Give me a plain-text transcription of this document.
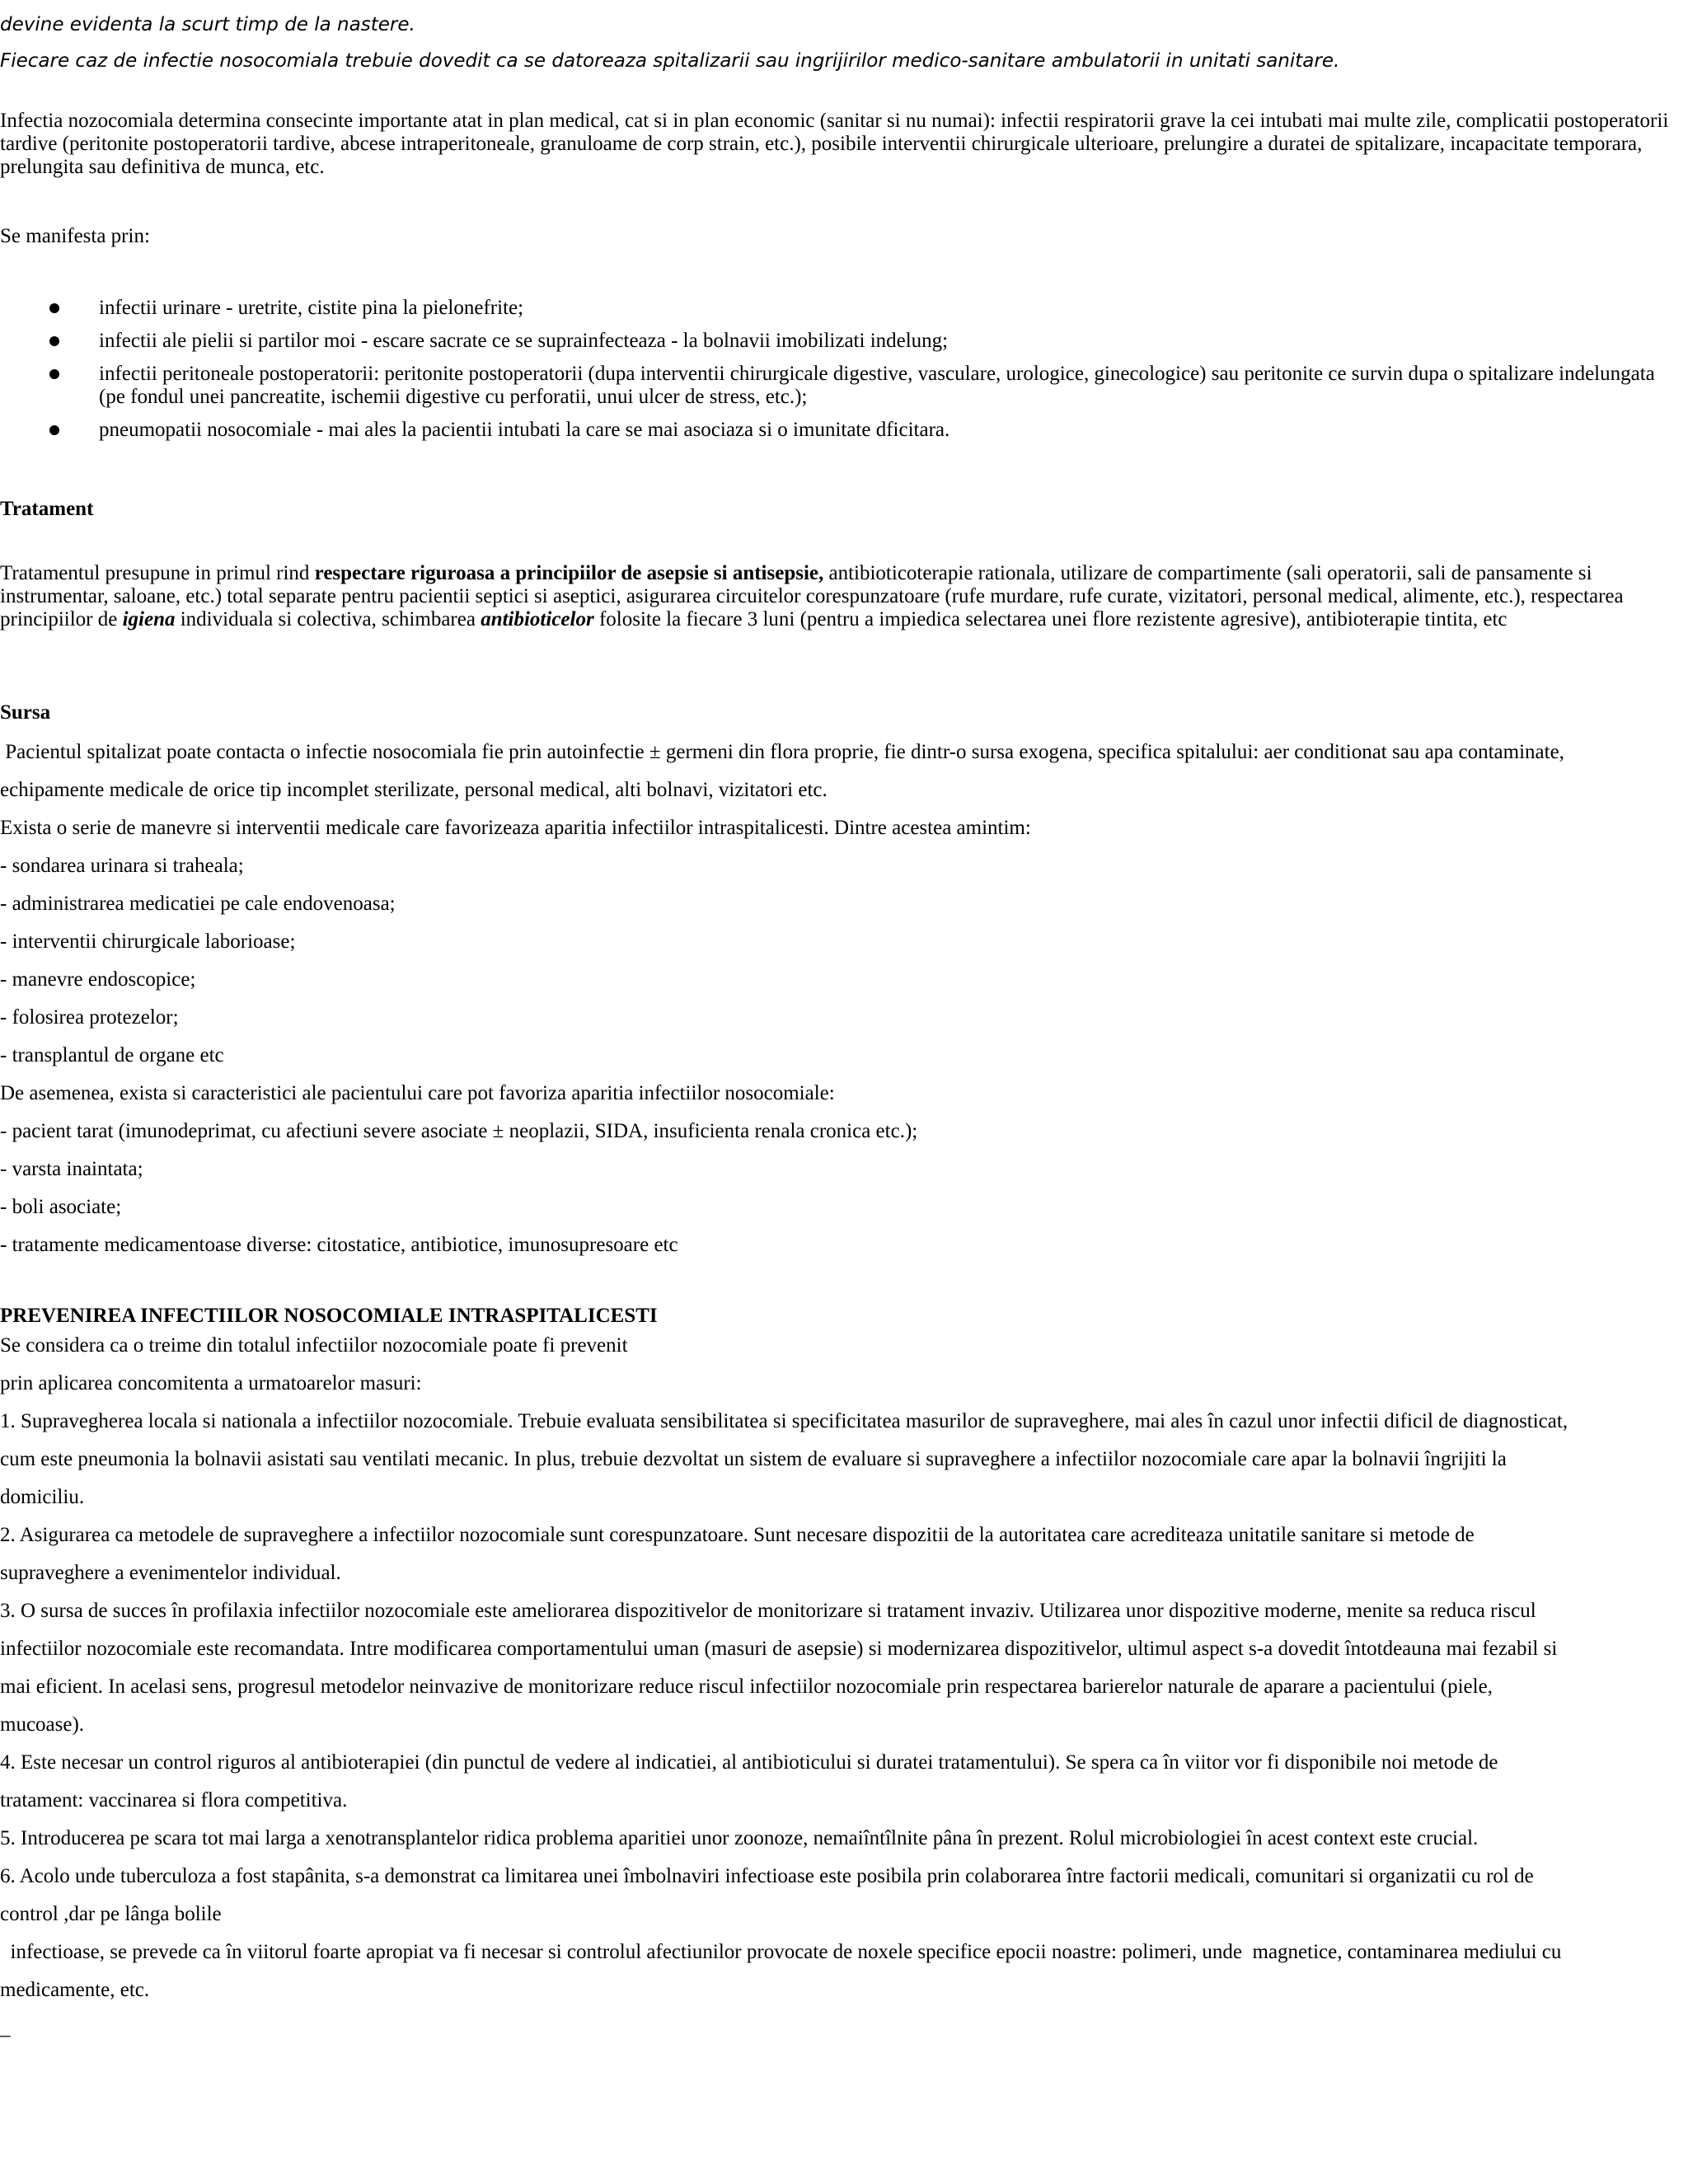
devine evidenta la scurt timp de la nastere.

Fiecare caz de infectie nosocomiala trebuie dovedit ca se datoreaza spitalizarii sau ingrijirilor medico-sanitare ambulatorii in unitati sanitare.

Infectia nozocomiala determina consecinte importante atat in plan medical, cat si in plan economic (sanitar si nu numai): infectii respiratorii grave la cei intubati mai multe zile, complicatii postoperatorii tardive (peritonite postoperatorii tardive, abcese intraperitoneale, granuloame de corp strain, etc.), posibile interventii chirurgicale ulterioare, prelungire a duratei de spitalizare, incapacitate temporara, prelungita sau definitiva de munca, etc.

Se manifesta prin:

infectii urinare - uretrite, cistite pina la pielonefrite;
infectii ale pielii si partilor moi - escare sacrate ce se suprainfecteaza - la bolnavii imobilizati indelung;
infectii peritoneale postoperatorii: peritonite postoperatorii (dupa interventii chirurgicale digestive, vasculare, urologice, ginecologice) sau peritonite ce survin dupa o spitalizare indelungata (pe fondul unei pancreatite, ischemii digestive cu perforatii, unui ulcer de stress, etc.);
pneumopatii nosocomiale - mai ales la pacientii intubati la care se mai asociaza si o imunitate dficitara.

Tratament

Tratamentul presupune in primul rind respectare riguroasa a principiilor de asepsie si antisepsie, antibioticoterapie rationala, utilizare de compartimente (sali operatorii, sali de pansamente si instrumentar, saloane, etc.) total separate pentru pacientii septici si aseptici, asigurarea circuitelor corespunzatoare (rufe murdare, rufe curate, vizitatori, personal medical, alimente, etc.), respectarea principiilor de igiena individuala si colectiva, schimbarea antibioticelor folosite la fiecare 3 luni (pentru a impiedica selectarea unei flore rezistente agresive), antibioterapie tintita, etc

Sursa

Pacientul spitalizat poate contacta o infectie nosocomiala fie prin autoinfectie ± germeni din flora proprie, fie dintr-o sursa exogena, specifica spitalului: aer conditionat sau apa contaminate,

echipamente medicale de orice tip incomplet sterilizate, personal medical, alti bolnavi, vizitatori etc.

Exista o serie de manevre si interventii medicale care favorizeaza aparitia infectiilor intraspitalicesti. Dintre acestea amintim:

- sondarea urinara si traheala;

- administrarea medicatiei pe cale endovenoasa;

- interventii chirurgicale laborioase;

- manevre endoscopice;

- folosirea protezelor;

- transplantul de organe etc

De asemenea, exista si caracteristici ale pacientului care pot favoriza aparitia infectiilor nosocomiale:

- pacient tarat (imunodeprimat, cu afectiuni severe asociate ± neoplazii, SIDA, insuficienta renala cronica etc.);

- varsta inaintata;

- boli asociate;

- tratamente medicamentoase diverse: citostatice, antibiotice, imunosupresoare etc

PREVENIREA INFECTIILOR NOSOCOMIALE INTRASPITALICESTI

Se considera ca o treime din totalul infectiilor nozocomiale poate fi prevenit

prin aplicarea concomitenta a urmatoarelor masuri:

1. Supravegherea locala si nationala a infectiilor nozocomiale. Trebuie evaluata sensibilitatea si specificitatea masurilor de supraveghere, mai ales în cazul unor infectii dificil de diagnosticat,

cum este pneumonia la bolnavii asistati sau ventilati mecanic. In plus, trebuie dezvoltat un sistem de evaluare si supraveghere a infectiilor nozocomiale care apar la bolnavii îngrijiti la

domiciliu.

2. Asigurarea ca metodele de supraveghere a infectiilor nozocomiale sunt corespunzatoare. Sunt necesare dispozitii de la autoritatea care acrediteaza unitatile sanitare si metode de

supraveghere a evenimentelor individual.

3. O sursa de succes în profilaxia infectiilor nozocomiale este ameliorarea dispozitivelor de monitorizare si tratament invaziv. Utilizarea unor dispozitive moderne, menite sa reduca riscul

infectiilor nozocomiale este recomandata. Intre modificarea comportamentului uman (masuri de asepsie) si modernizarea dispozitivelor, ultimul aspect s-a dovedit întotdeauna mai fezabil si

mai eficient. In acelasi sens, progresul metodelor neinvazive de monitorizare reduce riscul infectiilor nozocomiale prin respectarea barierelor naturale de aparare a pacientului (piele,

mucoase).

4. Este necesar un control riguros al antibioterapiei (din punctul de vedere al indicatiei, al antibioticului si duratei tratamentului). Se spera ca în viitor vor fi disponibile noi metode de

tratament: vaccinarea si flora competitiva.

5. Introducerea pe scara tot mai larga a xenotransplantelor ridica problema aparitiei unor zoonoze, nemaiîntîlnite pâna în prezent. Rolul microbiologiei în acest context este crucial.

6. Acolo unde tuberculoza a fost stapânita, s-a demonstrat ca limitarea unei îmbolnaviri infectioase este posibila prin colaborarea între factorii medicali, comunitari si organizatii cu rol de

control ,dar pe lânga bolile

infectioase, se prevede ca în viitorul foarte apropiat va fi necesar si controlul afectiunilor provocate de noxele specifice epocii noastre: polimeri, unde  magnetice, contaminarea mediului cu

medicamente, etc.

_
